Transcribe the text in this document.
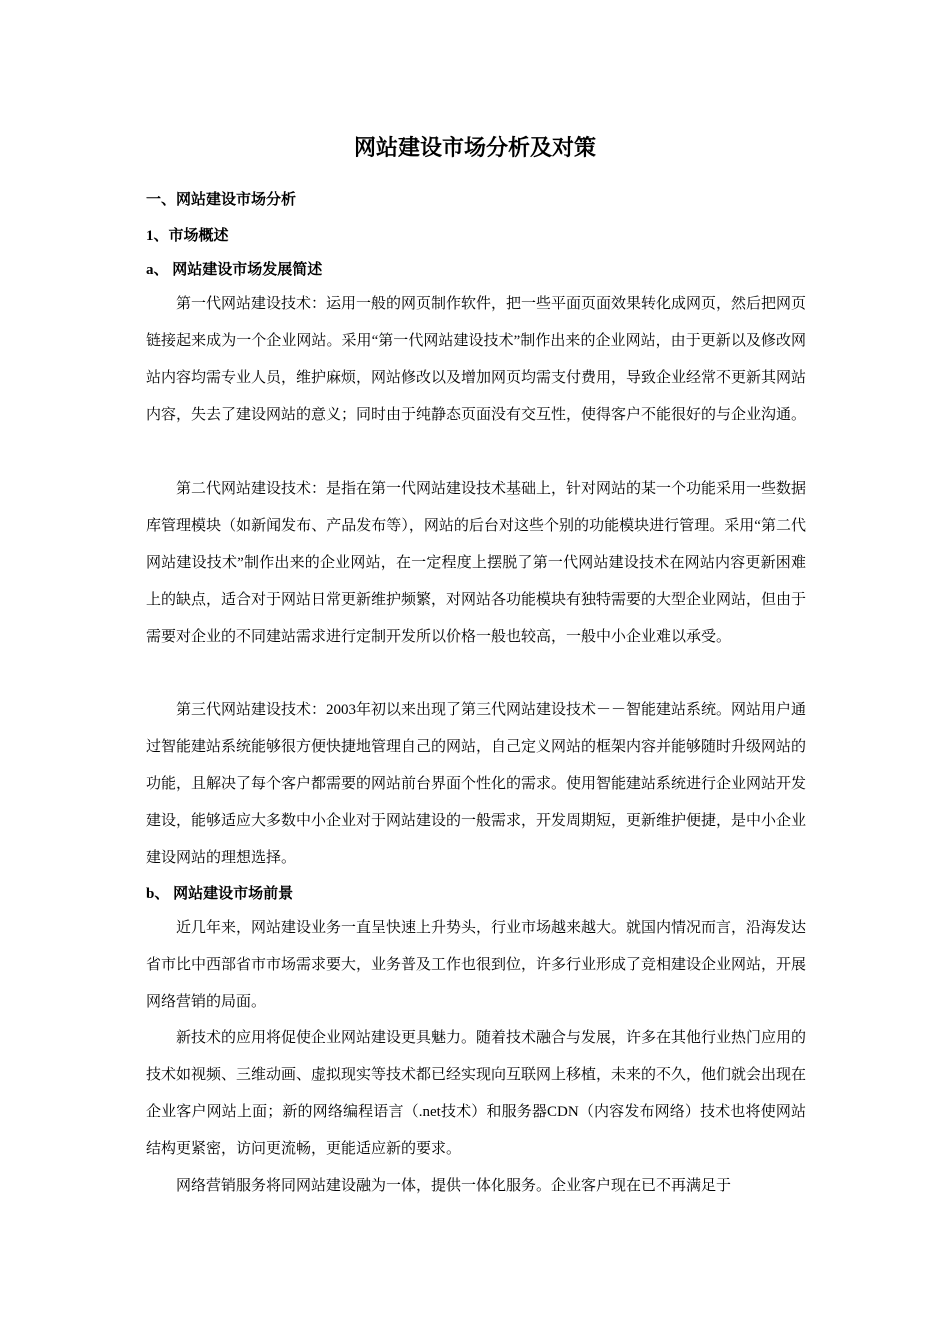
网站建设市场分析及对策
一、网站建设市场分析
1、市场概述
a、 网站建设市场发展简述

第一代网站建设技术：运用一般的网页制作软件，把一些平面页面效果转化成网页，然后把网页链接起来成为一个企业网站。采用“第一代网站建设技术”制作出来的企业网站，由于更新以及修改网站内容均需专业人员，维护麻烦，网站修改以及增加网页均需支付费用，导致企业经常不更新其网站内容，失去了建设网站的意义；同时由于纯静态页面没有交互性，使得客户不能很好的与企业沟通。

第二代网站建设技术：是指在第一代网站建设技术基础上，针对网站的某一个功能采用一些数据库管理模块（如新闻发布、产品发布等），网站的后台对这些个别的功能模块进行管理。采用“第二代网站建设技术”制作出来的企业网站，在一定程度上摆脱了第一代网站建设技术在网站内容更新困难上的缺点，适合对于网站日常更新维护频繁，对网站各功能模块有独特需要的大型企业网站，但由于需要对企业的不同建站需求进行定制开发所以价格一般也较高，一般中小企业难以承受。

第三代网站建设技术：2003年初以来出现了第三代网站建设技术－－智能建站系统。网站用户通过智能建站系统能够很方便快捷地管理自己的网站，自己定义网站的框架内容并能够随时升级网站的功能，且解决了每个客户都需要的网站前台界面个性化的需求。使用智能建站系统进行企业网站开发建设，能够适应大多数中小企业对于网站建设的一般需求，开发周期短，更新维护便捷，是中小企业建设网站的理想选择。

b、 网站建设市场前景

近几年来，网站建设业务一直呈快速上升势头，行业市场越来越大。就国内情况而言，沿海发达省市比中西部省市市场需求要大，业务普及工作也很到位，许多行业形成了竞相建设企业网站，开展网络营销的局面。

新技术的应用将促使企业网站建设更具魅力。随着技术融合与发展，许多在其他行业热门应用的技术如视频、三维动画、虚拟现实等技术都已经实现向互联网上移植，未来的不久，他们就会出现在企业客户网站上面；新的网络编程语言（.net技术）和服务器CDN（内容发布网络）技术也将使网站结构更紧密，访问更流畅，更能适应新的要求。

网络营销服务将同网站建设融为一体，提供一体化服务。企业客户现在已不再满足于
